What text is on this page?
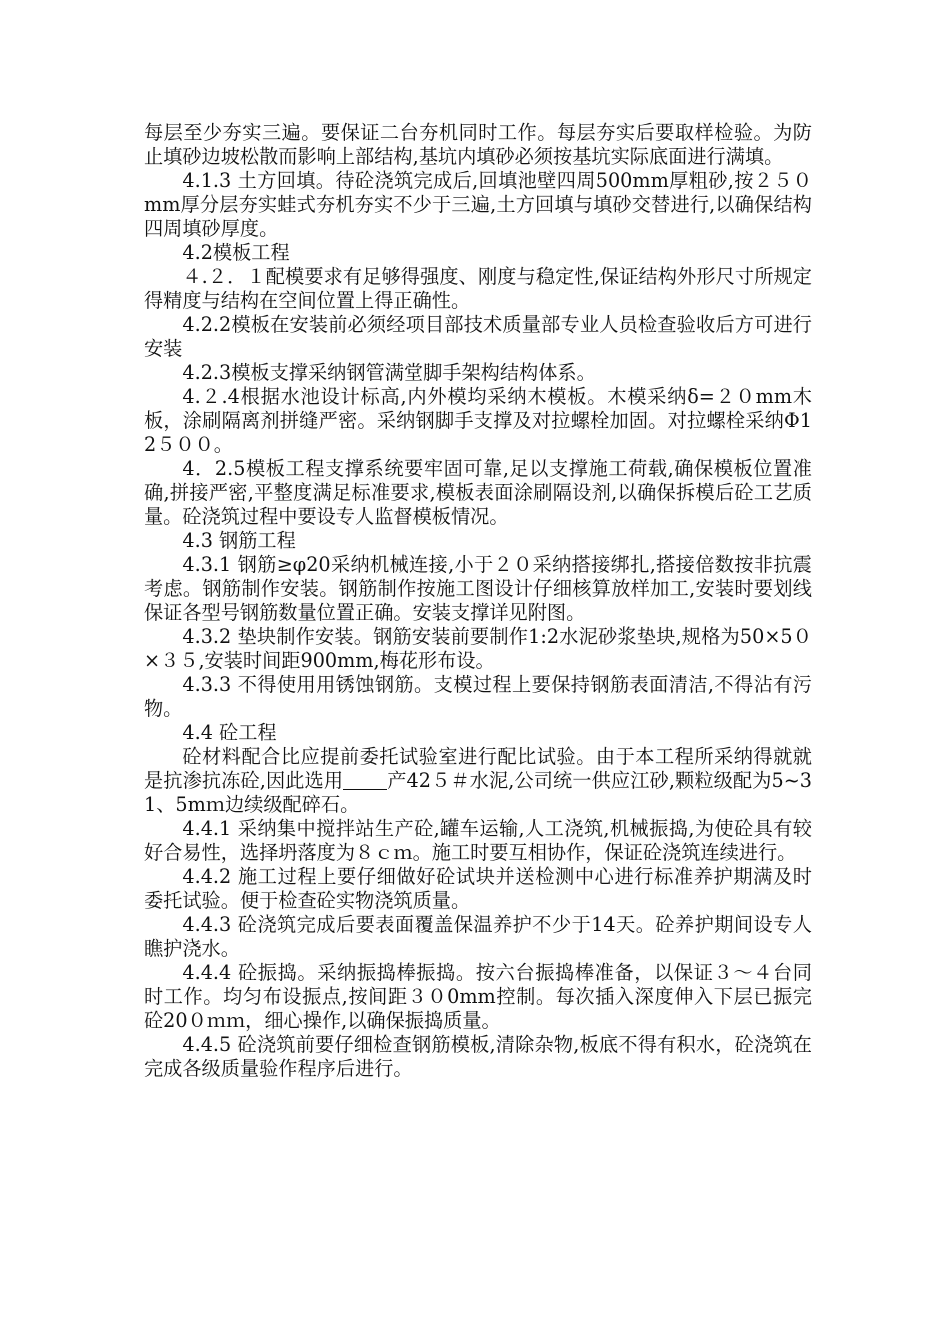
每层至少夯实三遍。要保证二台夯机同时工作。每层夯实后要取样检验。为防止填砂边坡松散而影响上部结构,基坑内填砂必须按基坑实际底面进行满填。

4.1.3 土方回填。待砼浇筑完成后,回填池壁四周500mm厚粗砂,按２５０mm厚分层夯实蛙式夯机夯实不少于三遍,土方回填与填砂交替进行,以确保结构四周填砂厚度。

4.2模板工程

４.２．１配模要求有足够得强度、刚度与稳定性,保证结构外形尺寸所规定得精度与结构在空间位置上得正确性。

4.2.2模板在安装前必须经项目部技术质量部专业人员检查验收后方可进行安装

4.2.3模板支撑采纳钢管满堂脚手架构结构体系。

4.２.4根据水池设计标高,内外模均采纳木模板。木模采纳δ=２０mm木板，涂刷隔离剂拼缝严密。采纳钢脚手支撑及对拉螺栓加固。对拉螺栓采纳Φ12５００。

4．2.5模板工程支撑系统要牢固可靠,足以支撑施工荷载,确保模板位置准确,拼接严密,平整度满足标准要求,模板表面涂刷隔设剂,以确保拆模后砼工艺质量。砼浇筑过程中要设专人监督模板情况。

4.3 钢筋工程

4.3.1 钢筋≥φ20采纳机械连接,小于２０采纳搭接绑扎,搭接倍数按非抗震考虑。钢筋制作安装。钢筋制作按施工图设计仔细核算放样加工,安装时要划线保证各型号钢筋数量位置正确。安装支撑详见附图。

4.3.2 垫块制作安装。钢筋安装前要制作1:2水泥砂浆垫块,规格为50×5０×３５,安装时间距900mm,梅花形布设。

4.3.3 不得使用用锈蚀钢筋。支模过程上要保持钢筋表面清洁,不得沾有污物。

4.4 砼工程

砼材料配合比应提前委托试验室进行配比试验。由于本工程所采纳得就就是抗渗抗冻砼,因此选用 产42５＃水泥,公司统一供应江砂,颗粒级配为5~31、5mｍ边续级配碎石。

4.4.1 采纳集中搅拌站生产砼,罐车运输,人工浇筑,机械振捣,为使砼具有较好合易性，选择坍落度为８ｃｍ。施工时要互相协作，保证砼浇筑连续进行。

4.4.2 施工过程上要仔细做好砼试块并送检测中心进行标准养护期满及时委托试验。便于检查砼实物浇筑质量。

4.4.3 砼浇筑完成后要表面覆盖保温养护不少于14天。砼养护期间设专人瞧护浇水。

4.4.4 砼振捣。采纳振捣棒振捣。按六台振捣棒准备，以保证３～４台同时工作。均匀布设振点,按间距３０0mm控制。每次插入深度伸入下层已振完砼20０ｍｍ，细心操作,以确保振捣质量。

4.4.5 砼浇筑前要仔细检查钢筋模板,清除杂物,板底不得有积水，砼浇筑在完成各级质量验作程序后进行。
